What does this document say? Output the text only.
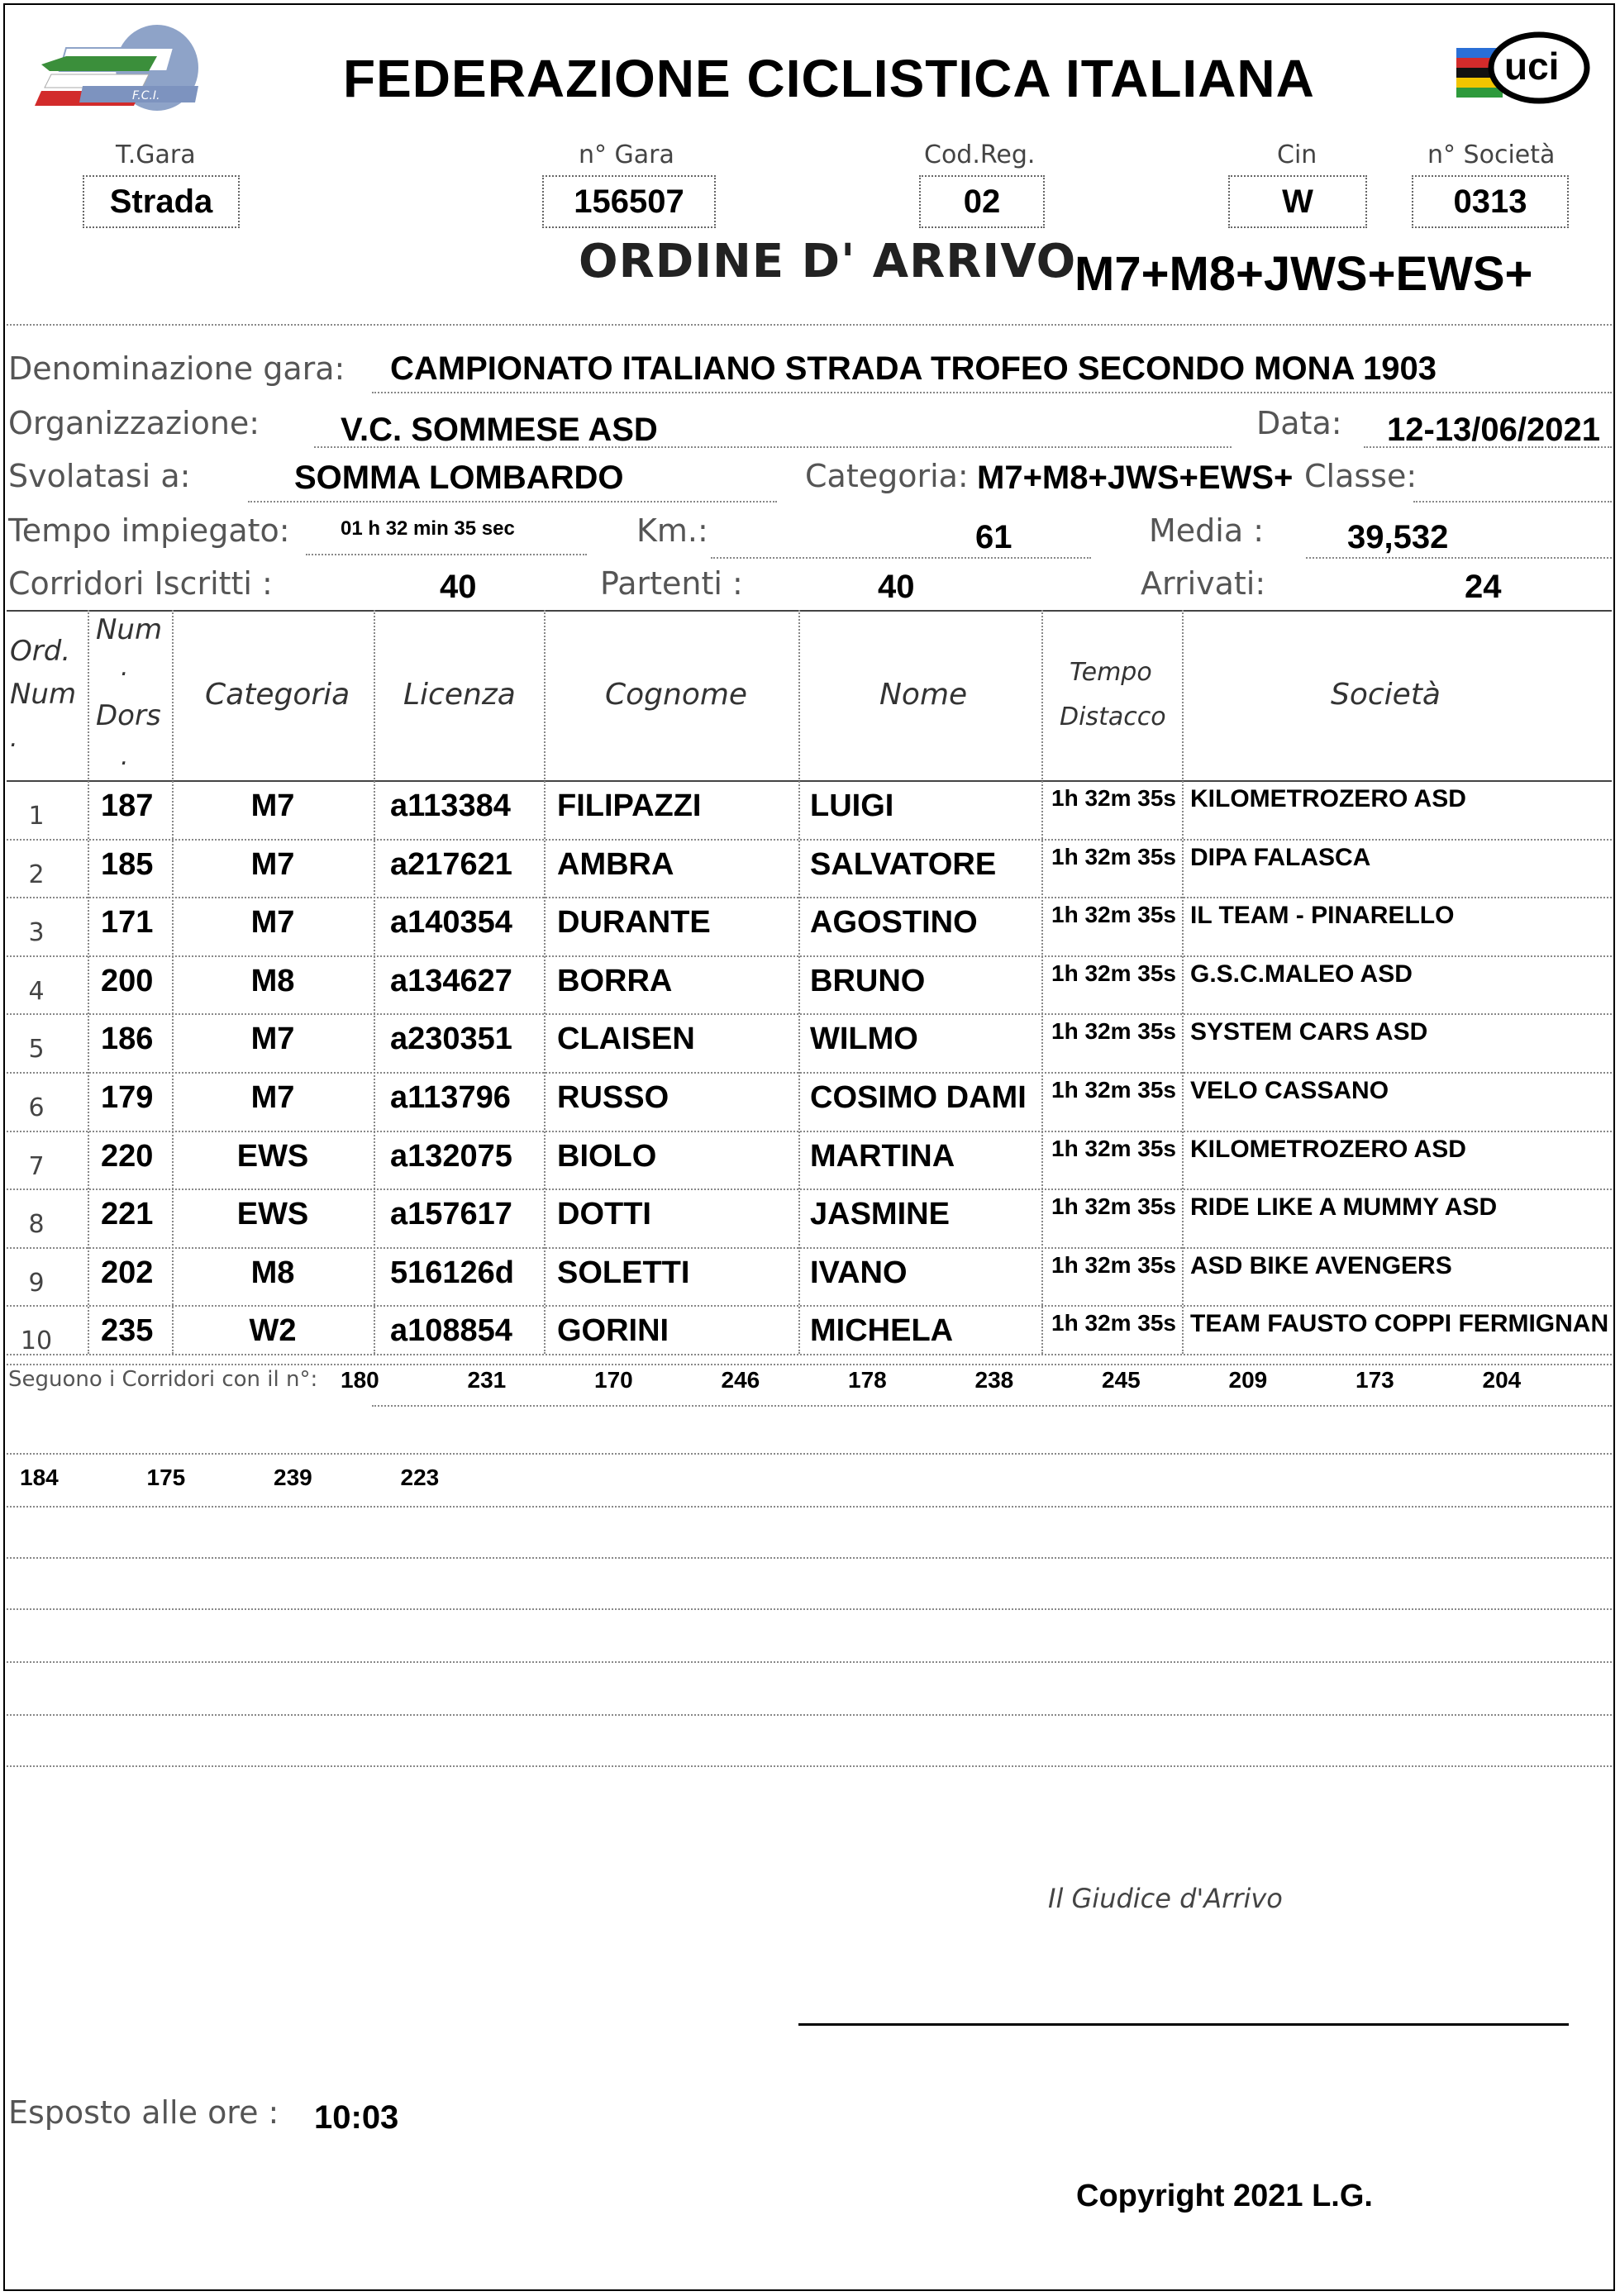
F.C.I.	FEDERAZIONE CICLISTICA ITALIANA	uci
T.Gara
Strada
n° Gara
156507
Cod.Reg.
02
Cin
W
n° Società
0313
ORDINE D' ARRIVO
M7+M8+JWS+EWS+
Denominazione gara: CAMPIONATO ITALIANO STRADA TROFEO SECONDO MONA 1903
Organizzazione: V.C. SOMMESE ASD	Data: 12-13/06/2021
Svolatasi a:	SOMMA LOMBARDO	Categoria: M7+M8+JWS+EWS+ Classe:
Tempo impiegato:	01 h 32 min 35 sec	Km.:	61	Media :	39,532
Corridori Iscritti :	40	Partenti :	40	Arrivati:	24
Ord.
Num
.
Num
.
Dors
.
Categoria Licenza	Cognome	Nome
Tempo
Distacco
Società
1	187	M7	a113384 FILIPAZZI	LUIGI	1h 32m 35s KILOMETROZERO ASD
2	185	M7	a217621 AMBRA	SALVATORE 1h 32m 35s DIPA FALASCA
3	171	M7	a140354 DURANTE	AGOSTINO	1h 32m 35s IL TEAM - PINARELLO
4	200	M8	a134627 BORRA	BRUNO	1h 32m 35s G.S.C.MALEO ASD
5	186	M7	a230351 CLAISEN	WILMO	1h 32m 35s SYSTEM CARS ASD
6	179	M7	a113796 RUSSO	COSIMO DAMI 1h 32m 35s VELO CASSANO
7	220	EWS	a132075 BIOLO	MARTINA	1h 32m 35s KILOMETROZERO ASD
8	221	EWS	a157617 DOTTI	JASMINE	1h 32m 35s RIDE LIKE A MUMMY ASD
9	202	M8	516126d SOLETTI	IVANO	1h 32m 35s ASD BIKE AVENGERS
10 235	W2	a108854 GORINI	MICHELA	1h 32m 35s TEAM FAUSTO COPPI FERMIGNAN
Seguono i Corridori con il n°: 180	231	170	246	178	238	245	209	173	204
184	175	239	223
Il Giudice d'Arrivo
Esposto alle ore : 10:03
Copyright 2021 L.G.
